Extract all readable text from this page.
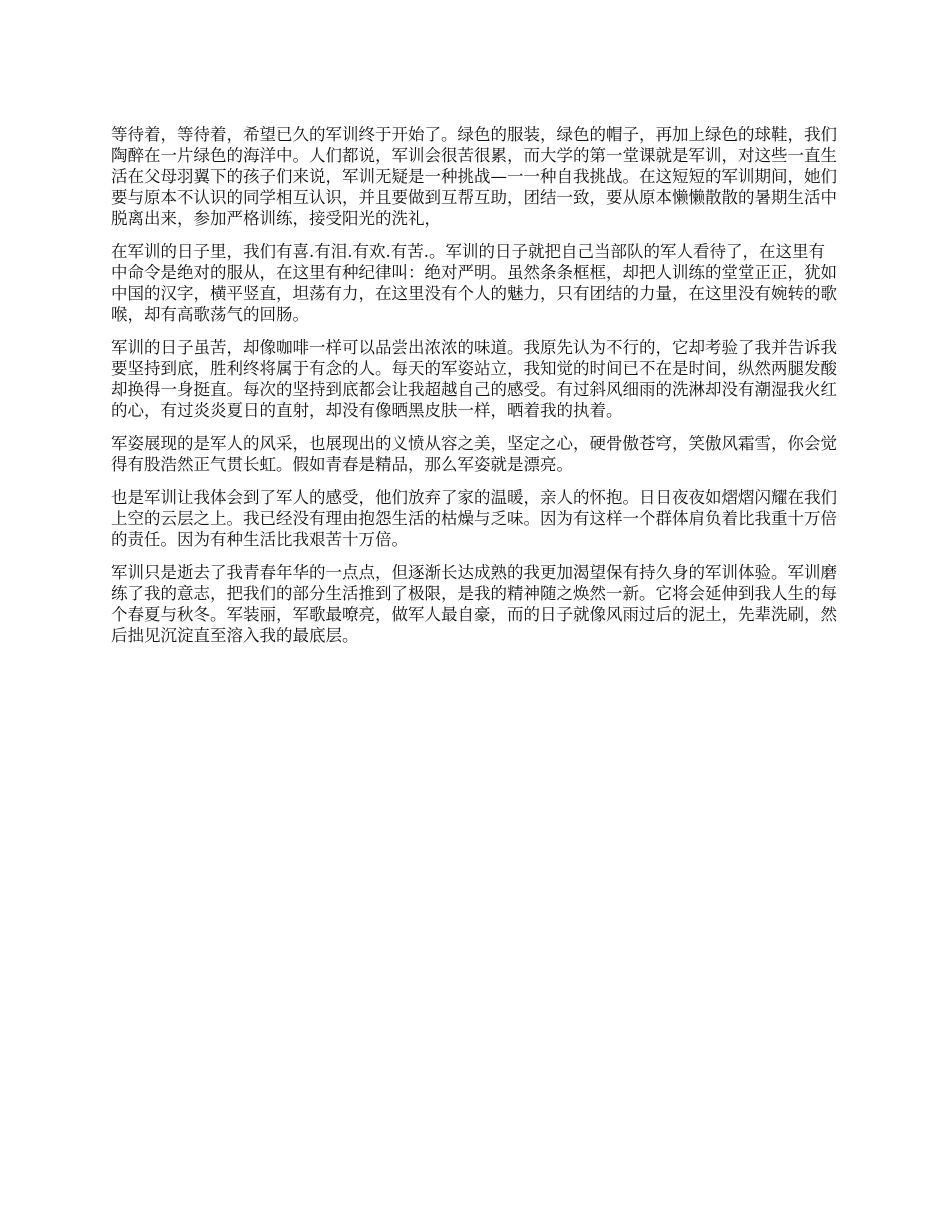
等待着，等待着，希望已久的军训终于开始了。绿色的服装，绿色的帽子，再加上绿色的球鞋，我们陶醉在一片绿色的海洋中。人们都说，军训会很苦很累，而大学的第一堂课就是军训，对这些一直生活在父母羽翼下的孩子们来说，军训无疑是一种挑战—一一种自我挑战。在这短短的军训期间，她们要与原本不认识的同学相互认识，并且要做到互帮互助，团结一致，要从原本懒懒散散的暑期生活中脱离出来，参加严格训练，接受阳光的洗礼，

在军训的日子里，我们有喜.有泪.有欢.有苦.。军训的日子就把自己当部队的军人看待了，在这里有中命令是绝对的服从，在这里有种纪律叫：绝对严明。虽然条条框框，却把人训练的堂堂正正，犹如中国的汉字，横平竖直，坦荡有力，在这里没有个人的魅力，只有团结的力量，在这里没有婉转的歌喉，却有高歌荡气的回肠。

军训的日子虽苦，却像咖啡一样可以品尝出浓浓的味道。我原先认为不行的，它却考验了我并告诉我要坚持到底，胜利终将属于有念的人。每天的军姿站立，我知觉的时间已不在是时间，纵然两腿发酸却换得一身挺直。每次的坚持到底都会让我超越自己的感受。有过斜风细雨的洗淋却没有潮湿我火红的心，有过炎炎夏日的直射，却没有像晒黑皮肤一样，晒着我的执着。

军姿展现的是军人的风采，也展现出的义愤从容之美，坚定之心，硬骨傲苍穹，笑傲风霜雪，你会觉得有股浩然正气贯长虹。假如青春是精品，那么军姿就是漂亮。

也是军训让我体会到了军人的感受，他们放弃了家的温暖，亲人的怀抱。日日夜夜如熠熠闪耀在我们上空的云层之上。我已经没有理由抱怨生活的枯燥与乏味。因为有这样一个群体肩负着比我重十万倍的责任。因为有种生活比我艰苦十万倍。

军训只是逝去了我青春年华的一点点，但逐渐长达成熟的我更加渴望保有持久身的军训体验。军训磨练了我的意志，把我们的部分生活推到了极限，是我的精神随之焕然一新。它将会延伸到我人生的每个春夏与秋冬。军装丽，军歌最嘹亮，做军人最自豪，而的日子就像风雨过后的泥土，先辈洗刷，然后拙见沉淀直至溶入我的最底层。
